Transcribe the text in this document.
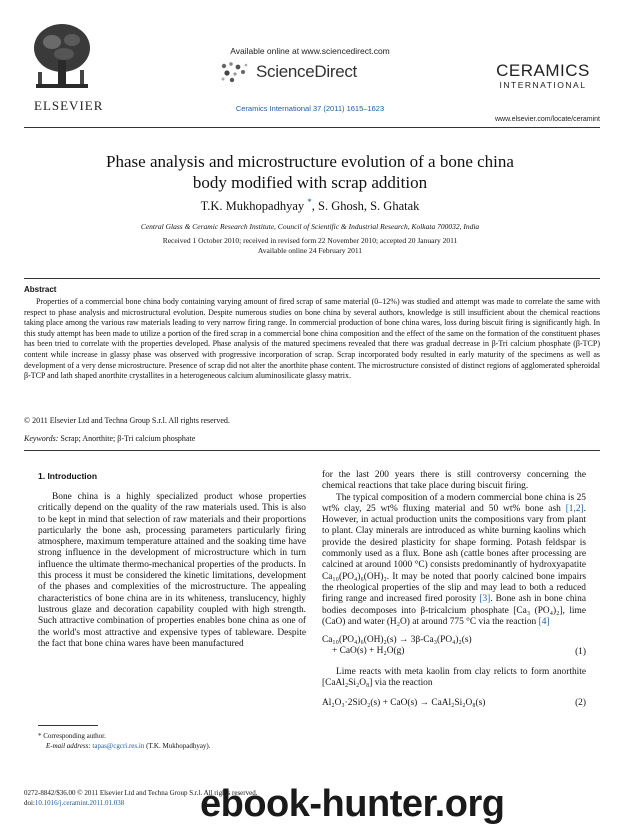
ELSEVIER
Available online at www.sciencedirect.com
ScienceDirect
Ceramics International 37 (2011) 1615–1623
CERAMICS
INTERNATIONAL
www.elsevier.com/locate/ceramint
Phase analysis and microstructure evolution of a bone china
body modified with scrap addition
T.K. Mukhopadhyay *, S. Ghosh, S. Ghatak
Central Glass & Ceramic Research Institute, Council of Scientific & Industrial Research, Kolkata 700032, India
Received 1 October 2010; received in revised form 22 November 2010; accepted 20 January 2011
Available online 24 February 2011
Abstract
Properties of a commercial bone china body containing varying amount of fired scrap of same material (0–12%) was studied and attempt was made to correlate the same with respect to phase analysis and microstructural evolution. Despite numerous studies on bone china by several authors, knowledge is still insufficient about the chemical reactions taking place among the various raw materials leading to very narrow firing range. In commercial production of bone china wares, loss during biscuit firing is significantly high. In this study attempt has been made to utilize a portion of the fired scrap in a commercial bone china composition and the effect of the same on the formation of the constituent phases has been tried to correlate with the properties developed. Phase analysis of the matured specimens revealed that there was gradual decrease in β-Tri calcium phosphate (β-TCP) content while increase in glassy phase was observed with progressive incorporation of scrap. Scrap incorporated body resulted in early maturity of the specimens as well as development of a very dense microstructure. Presence of scrap did not alter the anorthite phase content. The microstructure consisted of distinct regions of agglomerated spheroidal β-TCP and lath shaped anorthite crystallites in a heterogeneous calcium aluminosilicate glassy matrix.
© 2011 Elsevier Ltd and Techna Group S.r.l. All rights reserved.
Keywords: Scrap; Anorthite; β-Tri calcium phosphate
1. Introduction

Bone china is a highly specialized product whose properties critically depend on the quality of the raw materials used. This is also to be kept in mind that selection of raw materials and their proportions particularly the bone ash, processing parameters particularly firing atmosphere, maximum temperature attained and the soaking time have strong influence in the development of microstructure which in turn influence the ultimate thermo-mechanical properties of the products. In this process it must be considered the kinetic limitations, development of the phases and complexities of the microstructure. The appealing characteristics of bone china are in its whiteness, translucency, highly lustrous glaze and decoration capability coupled with high strength. Such attractive combination of properties enables bone china as one of the world's most attractive and expensive types of tableware. Despite the fact that bone china wares have been manufactured

for the last 200 years there is still controversy concerning the chemical reactions that take place during biscuit firing.

The typical composition of a modern commercial bone china is 25 wt% clay, 25 wt% fluxing material and 50 wt% bone ash [1,2]. However, in actual production units the compositions vary from plant to plant. Clay minerals are introduced as white burning kaolins which provide the desired plasticity for shape forming. Potash feldspar is commonly used as a flux. Bone ash (cattle bones after processing are calcined at around 1000 °C) consists predominantly of hydroxyapatite Ca₁₀(PO₄)₆(OH)₂. It may be noted that poorly calcined bone impairs the rheological properties of the slip and may lead to both a reduced firing range and increased fired porosity [3]. Bone ash in bone china bodies decomposes into β-tricalcium phosphate [Ca₃ (PO₄)₂], lime (CaO) and water (H₂O) at around 775 °C via the reaction [4]

Ca₁₀(PO₄)₆(OH)₂(s) → 3β-Ca₃(PO₄)₂(s)
+ CaO(s) + H₂O(g)	(1)

Lime reacts with meta kaolin from clay relicts to form anorthite [CaAl₂Si₂O₈] via the reaction

Al₂O₃·2SiO₂(s) + CaO(s) → CaAl₂Si₂O₈(s)	(2)
* Corresponding author.
E-mail address: tapas@cgcri.res.in (T.K. Mukhopadhyay).
0272-8842/$36.00 © 2011 Elsevier Ltd and Techna Group S.r.l. All rights reserved.
doi:10.1016/j.ceramint.2011.01.038	ebook-hunter.org
